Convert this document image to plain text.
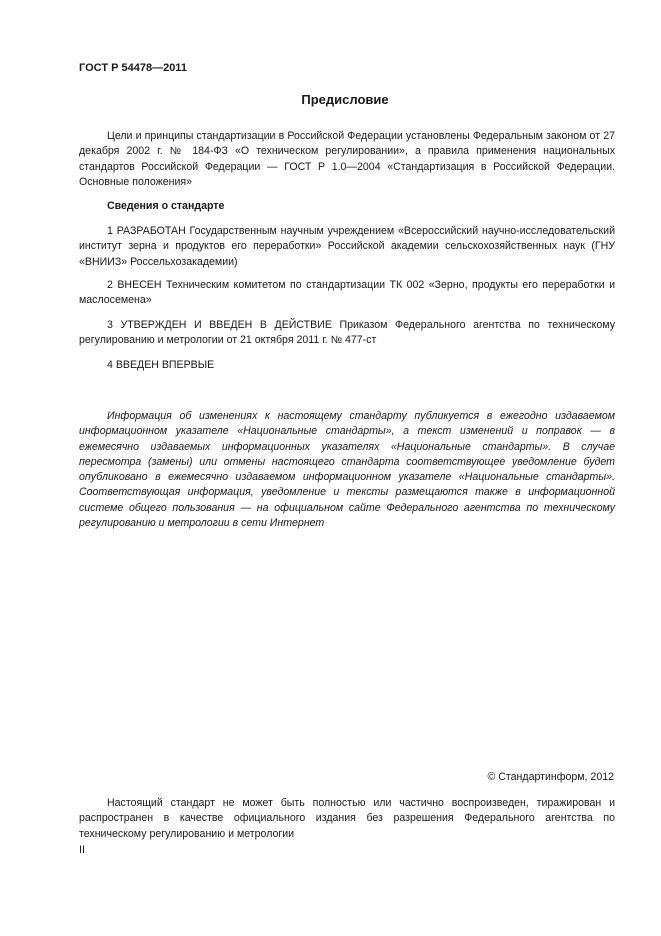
ГОСТ Р 54478—2011
Предисловие

Цели и принципы стандартизации в Российской Федерации установлены Федеральным законом от 27 декабря 2002 г. № 184-ФЗ «О техническом регулировании», а правила применения национальных стандартов Российской Федерации — ГОСТ Р 1.0—2004 «Стандартизация в Российской Федерации. Основные положения»

Сведения о стандарте

1 РАЗРАБОТАН Государственным научным учреждением «Всероссийский научно-исследовательский институт зерна и продуктов его переработки» Российской академии сельскохозяйственных наук (ГНУ «ВНИИЗ» Россельхозакадемии)

2 ВНЕСЕН Техническим комитетом по стандартизации ТК 002 «Зерно, продукты его переработки и маслосемена»

3 УТВЕРЖДЕН И ВВЕДЕН В ДЕЙСТВИЕ Приказом Федерального агентства по техническому регулированию и метрологии от 21 октября 2011 г. № 477-ст

4 ВВЕДЕН ВПЕРВЫЕ

Информация об изменениях к настоящему стандарту публикуется в ежегодно издаваемом информационном указателе «Национальные стандарты», а текст изменений и поправок — в ежемесячно издаваемых информационных указателях «Национальные стандарты». В случае пересмотра (замены) или отмены настоящего стандарта соответствующее уведомление будет опубликовано в ежемесячно издаваемом информационном указателе «Национальные стандарты». Соответствующая информация, уведомление и тексты размещаются также в информационной системе общего пользования — на официальном сайте Федерального агентства по техническому регулированию и метрологии в сети Интернет

© Стандартинформ, 2012

Настоящий стандарт не может быть полностью или частично воспроизведен, тиражирован и распространен в качестве официального издания без разрешения Федерального агентства по техническому регулированию и метрологии

II
